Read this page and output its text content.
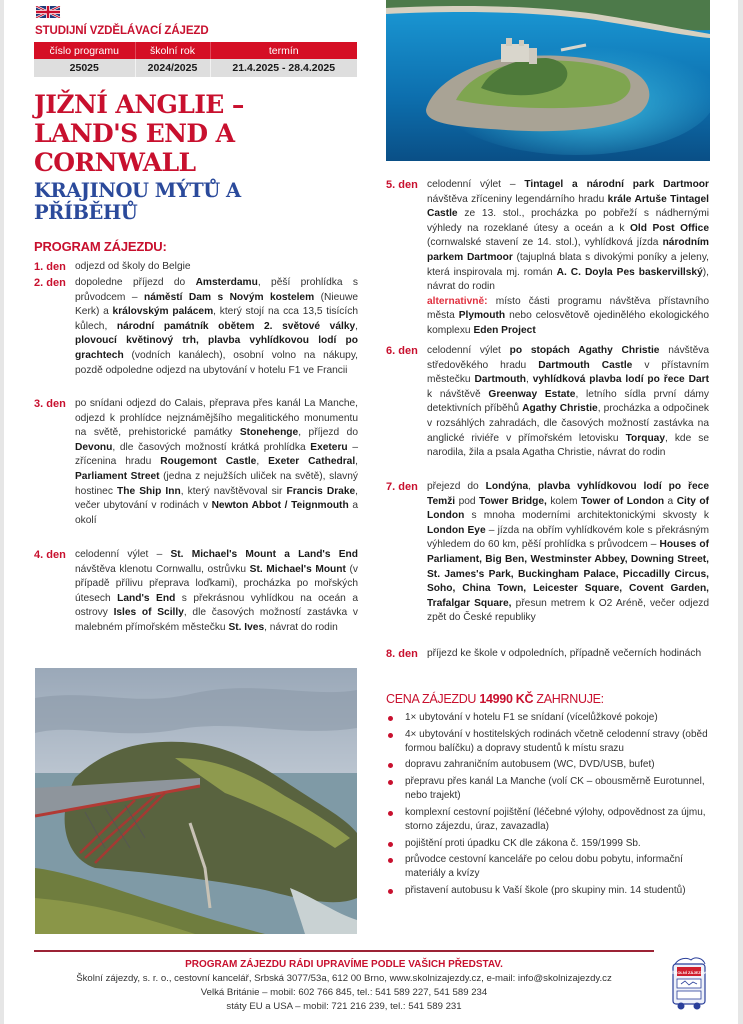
STUDIJNÍ VZDĚLÁVACÍ ZÁJEZD
číslo programu	školní rok	termín
25025	2024/2025	21.4.2025 - 28.4.2025
JIŽNÍ ANGLIE –
LAND'S END A
CORNWALL
KRAJINOU MÝTŮ A
PŘÍBĚHŮ
PROGRAM ZÁJEZDU:
1. den odjezd od školy do Belgie
2. den dopoledne příjezd do Amsterdamu, pěší prohlídka s průvodcem – náměstí Dam s Novým kostelem (Nieuwe Kerk) a královským palácem, který stojí na cca 13,5 tisících kůlech, národní památník obětem 2. světové války, plovoucí květinový trh, plavba vyhlídkovou lodí po grachtech (vodních kanálech), osobní volno na nákupy, pozdě odpoledne odjezd na ubytování v hotelu F1 ve Francii
3. den po snídani odjezd do Calais, přeprava přes kanál La Manche, odjezd k prohlídce nejznámějšího megalitického monumentu na světě, prehistorické památky Stonehenge, příjezd do Devonu, dle časových možností krátká prohlídka Exeteru – zřícenina hradu Rougemont Castle, Exeter Cathedral, Parliament Street (jedna z nejužších uliček na světě), slavný hostinec The Ship Inn, který navštěvoval sir Francis Drake, večer ubytování v rodinách v Newton Abbot / Teignmouth a okolí
4. den celodenní výlet – St. Michael's Mount a Land's End návštěva klenotu Cornwallu, ostrůvku St. Michael's Mount (v případě přílivu přeprava loďkami), procházka po mořských útesech Land's End s překrásnou vyhlídkou na oceán a ostrovy Isles of Scilly, dle časových možností zastávka v malebném přímořském městečku St. Ives, návrat do rodin
5. den celodenní výlet – Tintagel a národní park Dartmoor návštěva zříceniny legendárního hradu krále Artuše Tintagel Castle ze 13. stol., procházka po pobřeží s nádhernými výhledy na rozeklané útesy a oceán a k Old Post Office (cornwalské stavení ze 14. stol.), vyhlídková jízda národním parkem Dartmoor (tajuplná blata s divokými poníky a jeleny, která inspirovala mj. román A. C. Doyla Pes baskervillský), návrat do rodin
alternativně: místo části programu návštěva přístavního města Plymouth nebo celosvětově ojedinělého ekologického komplexu Eden Project
6. den celodenní výlet po stopách Agathy Christie návštěva středověkého hradu Dartmouth Castle v přístavním městečku Dartmouth, vyhlídková plavba lodí po řece Dart k návštěvě Greenway Estate, letního sídla první dámy detektivních příběhů Agathy Christie, procházka a odpočinek v rozsáhlých zahradách, dle časových možností zastávka na anglické riviéře v přímořském letovisku Torquay, kde se narodila, žila a psala Agatha Christie, návrat do rodin
7. den přejezd do Londýna, plavba vyhlídkovou lodí po řece Temži pod Tower Bridge, kolem Tower of London a City of London s mnoha moderními architektonickými skvosty k London Eye – jízda na obřím vyhlídkovém kole s překrásným výhledem do 60 km, pěší prohlídka s průvodcem – Houses of Parliament, Big Ben, Westminster Abbey, Downing Street, St. James's Park, Buckingham Palace, Piccadilly Circus, Soho, China Town, Leicester Square, Covent Garden, Trafalgar Square, přesun metrem k O2 Aréně, večer odjezd zpět do České republiky
8. den příjezd ke škole v odpoledních, případně večerních hodinách
CENA ZÁJEZDU 14990 KČ ZAHRNUJE:
1× ubytování v hotelu F1 se snídaní (vícelůžkové pokoje)
4× ubytování v hostitelských rodinách včetně celodenní stravy (oběd formou balíčku) a dopravy studentů k místu srazu
dopravu zahraničním autobusem (WC, DVD/USB, bufet)
přepravu přes kanál La Manche (volí CK – obousměrně Eurotunnel, nebo trajekt)
komplexní cestovní pojištění (léčebné výlohy, odpovědnost za újmu, storno zájezdu, úraz, zavazadla)
pojištění proti úpadku CK dle zákona č. 159/1999 Sb.
průvodce cestovní kanceláře po celou dobu pobytu, informační materiály a kvízy
přistavení autobusu k Vaší škole (pro skupiny min. 14 studentů)
PROGRAM ZÁJEZDU RÁDI UPRAVÍME PODLE VAŠICH PŘEDSTAV.
Školní zájezdy, s. r. o., cestovní kancelář, Srbská 3077/53a, 612 00 Brno, www.skolnizajezdy.cz, e-mail: info@skolnizajezdy.cz
Velká Británie – mobil: 602 766 845, tel.: 541 589 227, 541 589 234
státy EU a USA – mobil: 721 216 239, tel.: 541 589 231
ŠKOLNÍ ZÁJEZDY
